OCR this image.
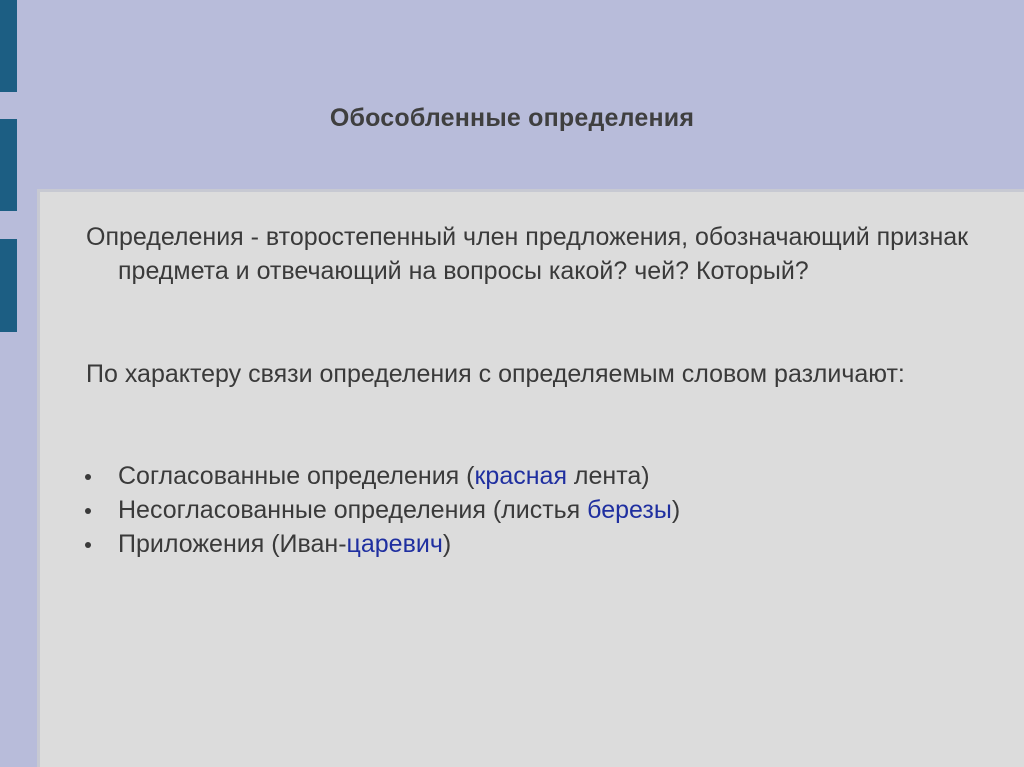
Обособленные определения
Определения - второстепенный член предложения, обозначающий признак предмета и отвечающий на вопросы какой? чей? Который?
По характеру связи определения с определяемым словом различают:
Согласованные определения (красная лента)
Несогласованные определения (листья березы)
Приложения (Иван-царевич)
